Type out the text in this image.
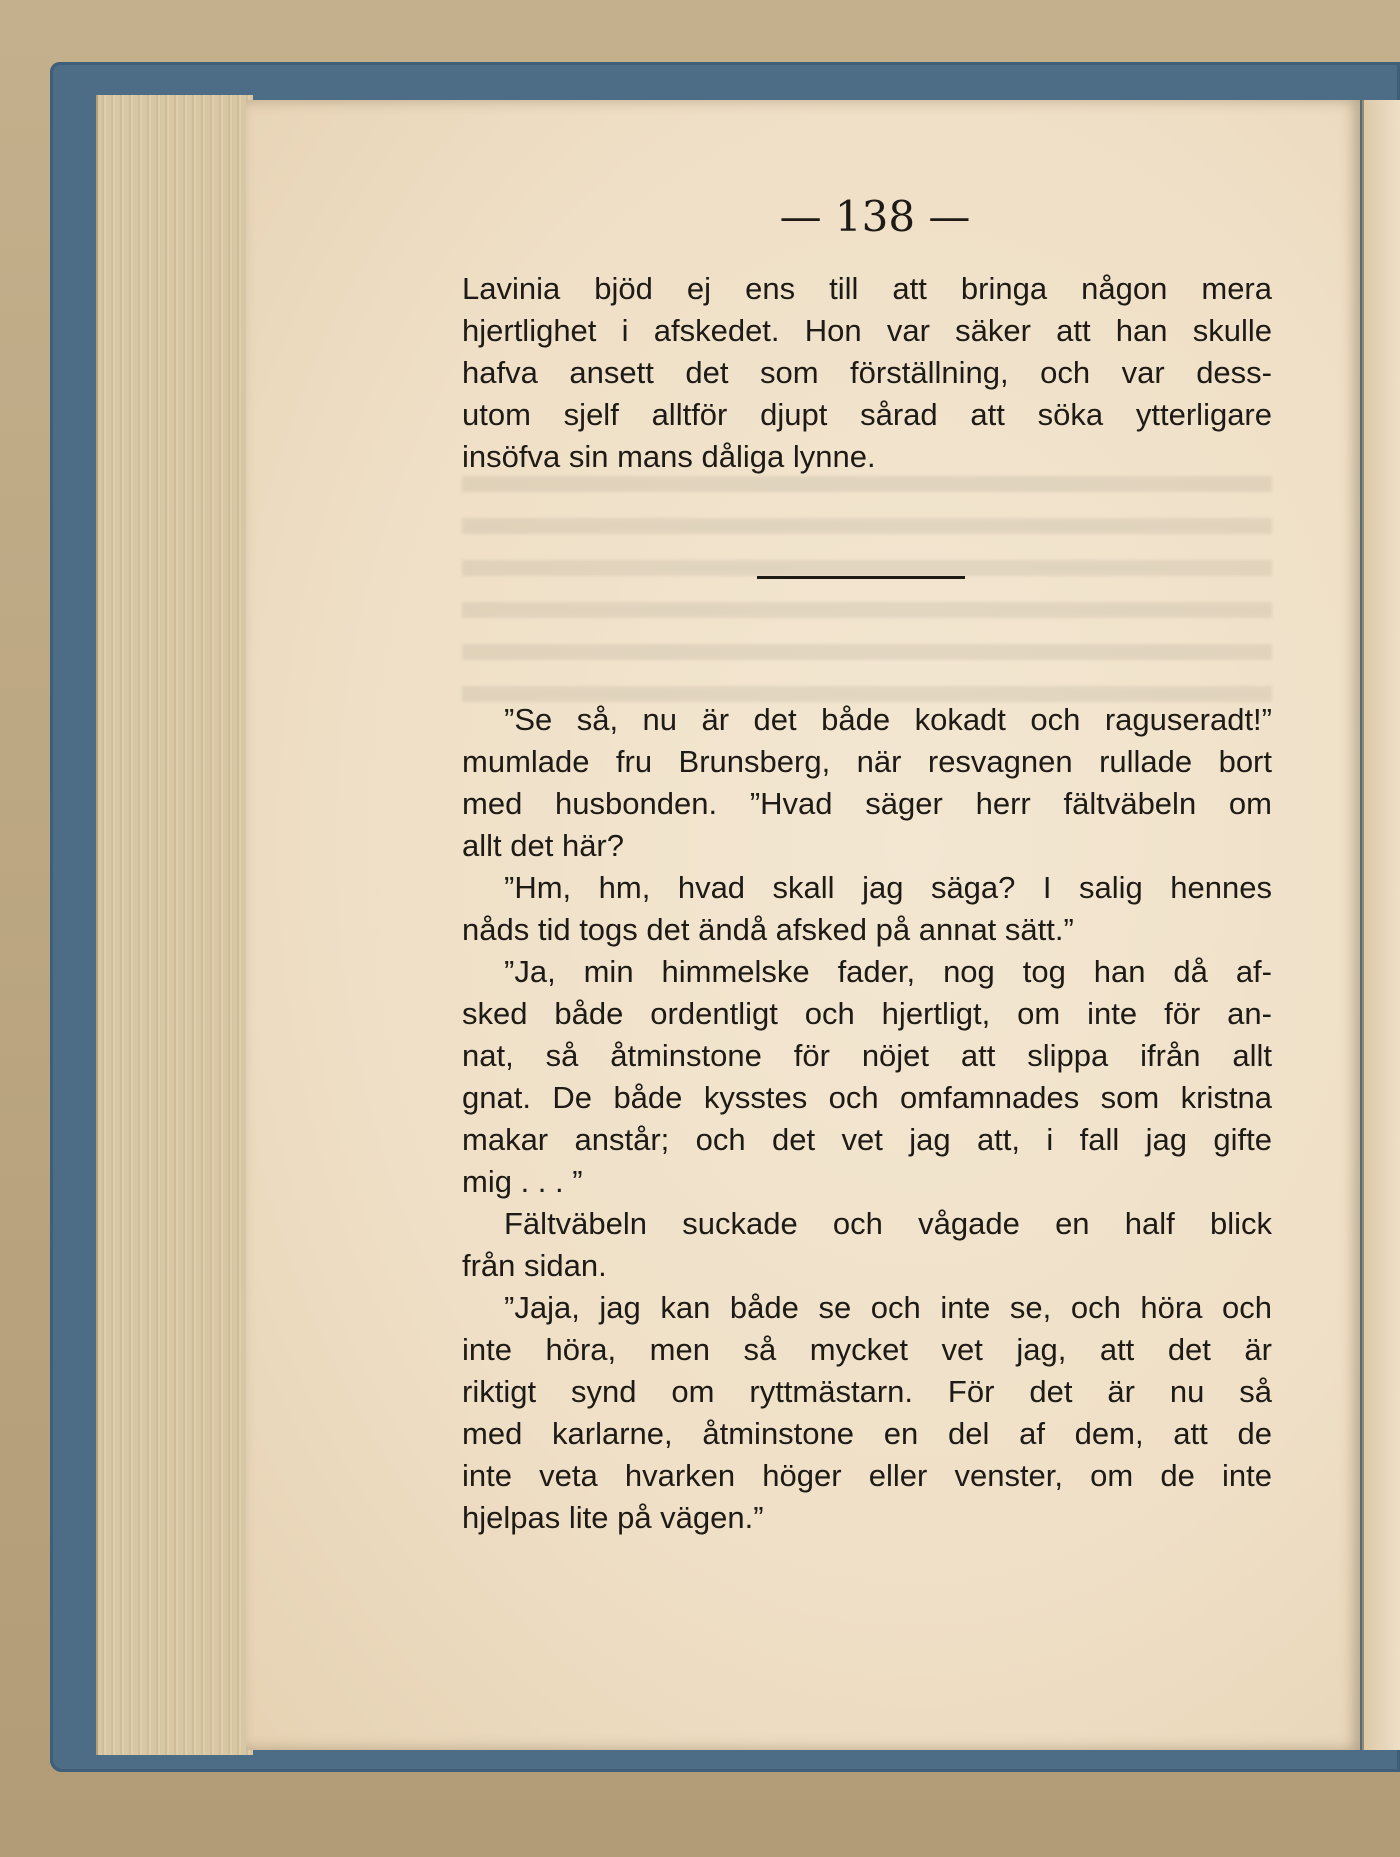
— 138 —
Lavinia bjöd ej ens till att bringa någon mera
hjertlighet i afskedet. Hon var säker att han skulle
hafva ansett det som förställning, och var dess-
utom sjelf alltför djupt sårad att söka ytterligare
insöfva sin mans dåliga lynne.
”Se så, nu är det både kokadt och raguseradt!”
mumlade fru Brunsberg, när resvagnen rullade bort
med husbonden. ”Hvad säger herr fältväbeln om
allt det här?
”Hm, hm, hvad skall jag säga? I salig hennes
nåds tid togs det ändå afsked på annat sätt.”
”Ja, min himmelske fader, nog tog han då af-
sked både ordentligt och hjertligt, om inte för an-
nat, så åtminstone för nöjet att slippa ifrån allt
gnat. De både kysstes och omfamnades som kristna
makar anstår; och det vet jag att, i fall jag gifte
mig . . . ”
Fältväbeln suckade och vågade en half blick
från sidan.
”Jaja, jag kan både se och inte se, och höra och
inte höra, men så mycket vet jag, att det är
riktigt synd om ryttmästarn. För det är nu så
med karlarne, åtminstone en del af dem, att de
inte veta hvarken höger eller venster, om de inte
hjelpas lite på vägen.”
